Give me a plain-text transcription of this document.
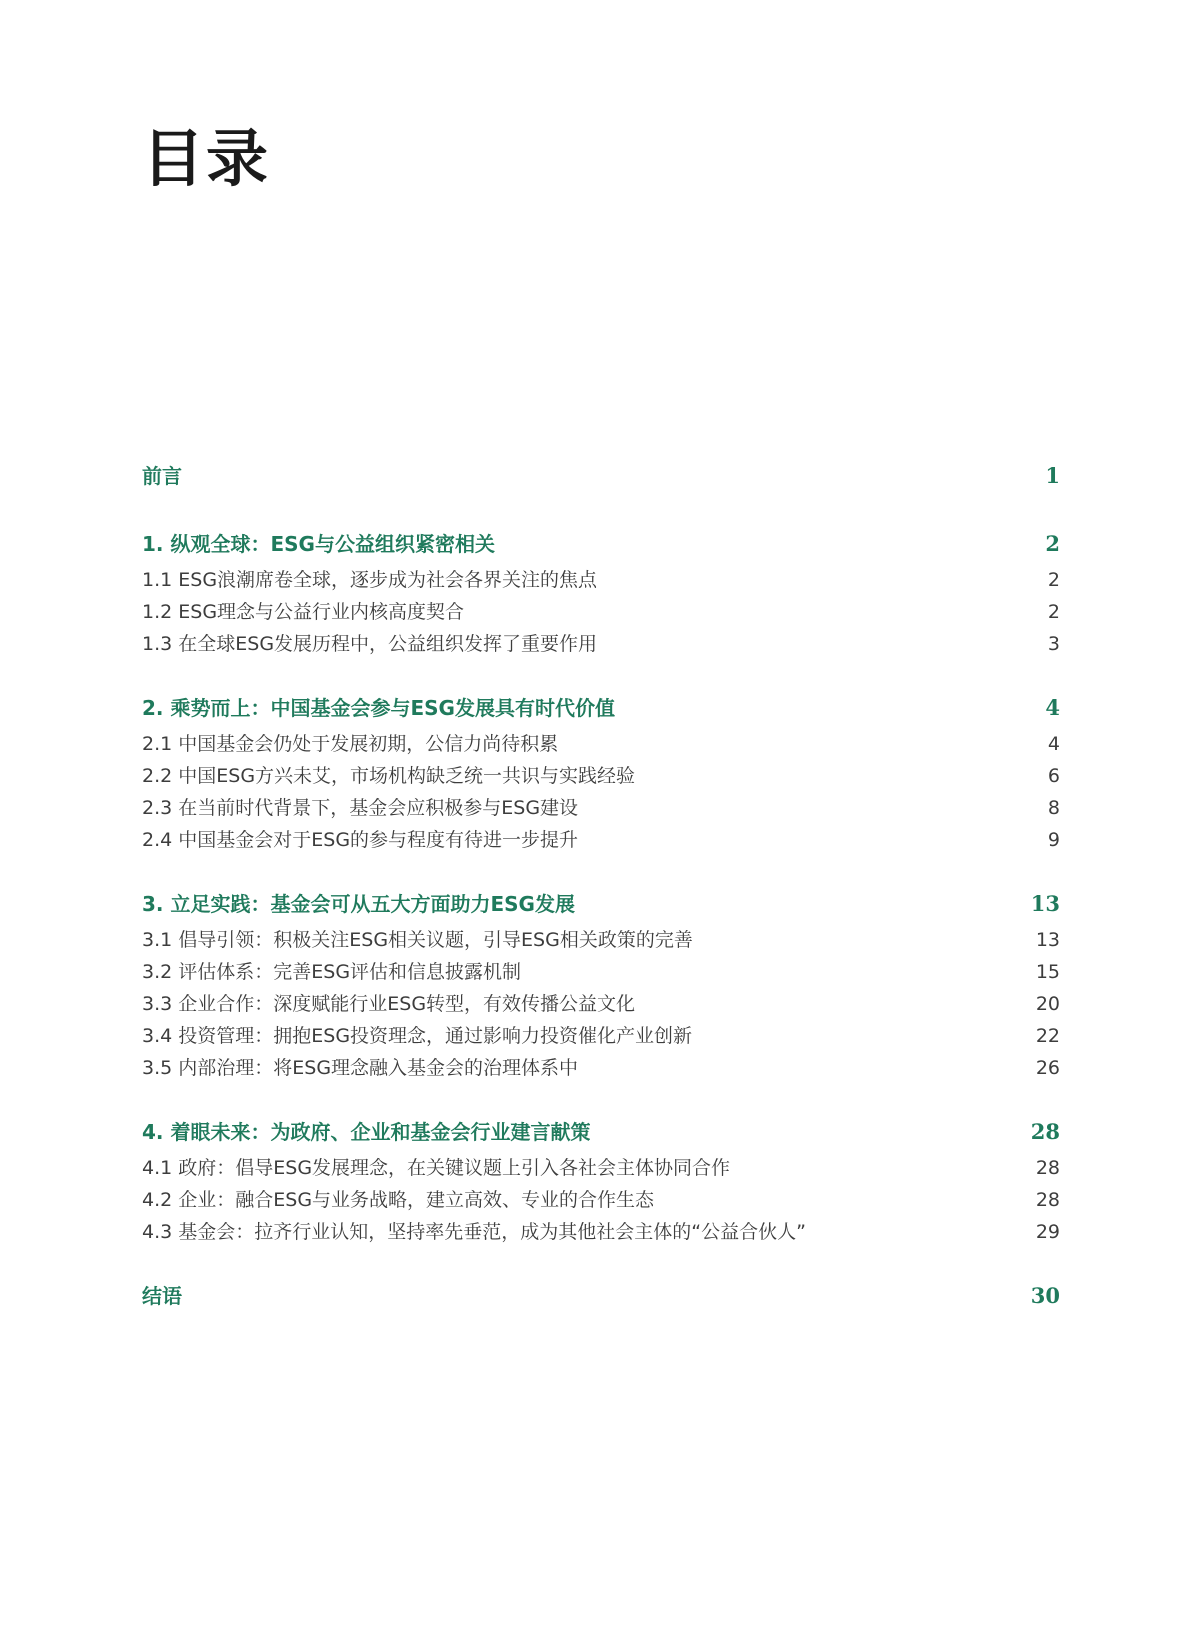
目录
前言	1
1. 纵观全球：ESG与公益组织紧密相关	2
1.1 ESG浪潮席卷全球，逐步成为社会各界关注的焦点	2
1.2 ESG理念与公益行业内核高度契合	2
1.3 在全球ESG发展历程中，公益组织发挥了重要作用	3
2. 乘势而上：中国基金会参与ESG发展具有时代价值	4
2.1 中国基金会仍处于发展初期，公信力尚待积累	4
2.2 中国ESG方兴未艾，市场机构缺乏统一共识与实践经验	6
2.3 在当前时代背景下，基金会应积极参与ESG建设	8
2.4 中国基金会对于ESG的参与程度有待进一步提升	9
3. 立足实践：基金会可从五大方面助力ESG发展	13
3.1 倡导引领：积极关注ESG相关议题，引导ESG相关政策的完善	13
3.2 评估体系：完善ESG评估和信息披露机制	15
3.3 企业合作：深度赋能行业ESG转型，有效传播公益文化	20
3.4 投资管理：拥抱ESG投资理念，通过影响力投资催化产业创新	22
3.5 内部治理：将ESG理念融入基金会的治理体系中	26
4. 着眼未来：为政府、企业和基金会行业建言献策	28
4.1 政府：倡导ESG发展理念，在关键议题上引入各社会主体协同合作	28
4.2 企业：融合ESG与业务战略，建立高效、专业的合作生态	28
4.3 基金会：拉齐行业认知，坚持率先垂范，成为其他社会主体的“公益合伙人”	29
结语	30
